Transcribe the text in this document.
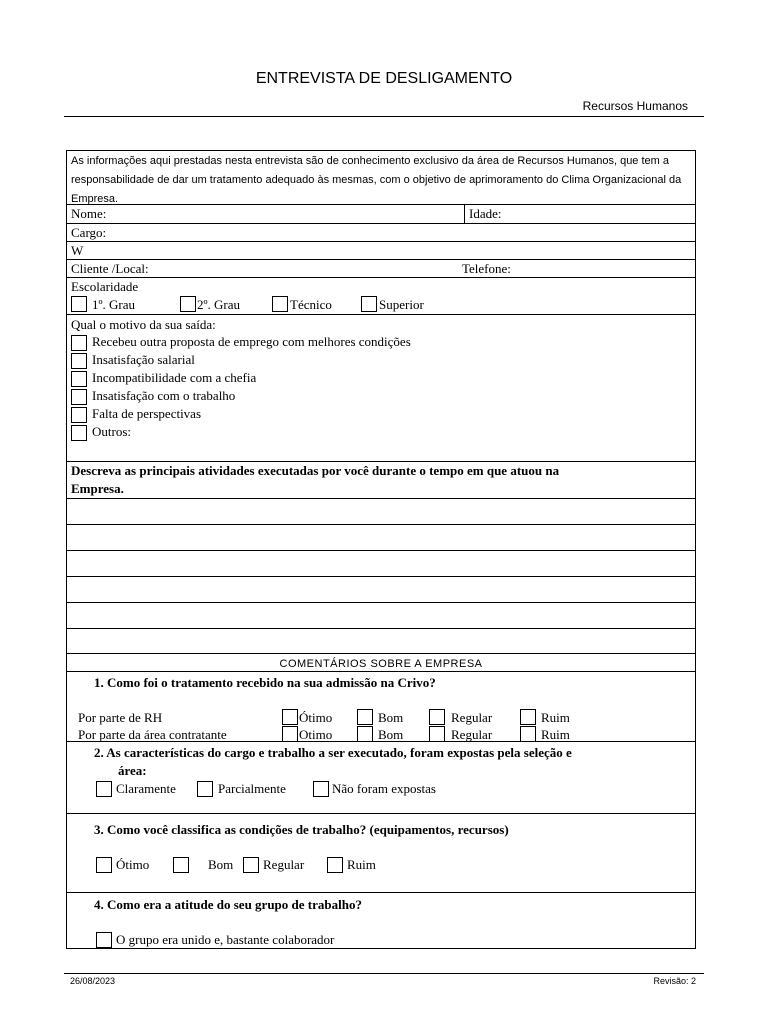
ENTREVISTA DE DESLIGAMENTO
Recursos Humanos
As informações aqui prestadas nesta entrevista são de conhecimento exclusivo da área de Recursos Humanos, que tem a responsabilidade de dar um tratamento adequado às mesmas, com o objetivo de aprimoramento do Clima Organizacional da Empresa.
Nome:	Idade:
Cargo:
W
Cliente /Local:	Telefone:
Escolaridade
1º. Grau	2º. Grau	Técnico	Superior
Qual o motivo da sua saída:
Recebeu outra proposta de emprego com melhores condições
Insatisfação salarial
Incompatibilidade com a chefia
Insatisfação com o trabalho
Falta de perspectivas
Outros:
Descreva as principais atividades executadas por você durante o tempo em que atuou na
Empresa.
COMENTÁRIOS SOBRE A EMPRESA
1. Como foi o tratamento recebido na sua admissão na Crivo?
Por parte de RH	Ótimo	Bom	Regular	Ruim
Por parte da área contratante	Otimo	Bom	Regular	Ruim
2. As características do cargo e trabalho a ser executado, foram expostas pela seleção e
área:
Claramente	Parcialmente	Não foram expostas
3. Como você classifica as condições de trabalho? (equipamentos, recursos)
Ótimo	Bom Regular	Ruim
4. Como era a atitude do seu grupo de trabalho?
O grupo era unido e, bastante colaborador
26/08/2023	Revisão: 2
